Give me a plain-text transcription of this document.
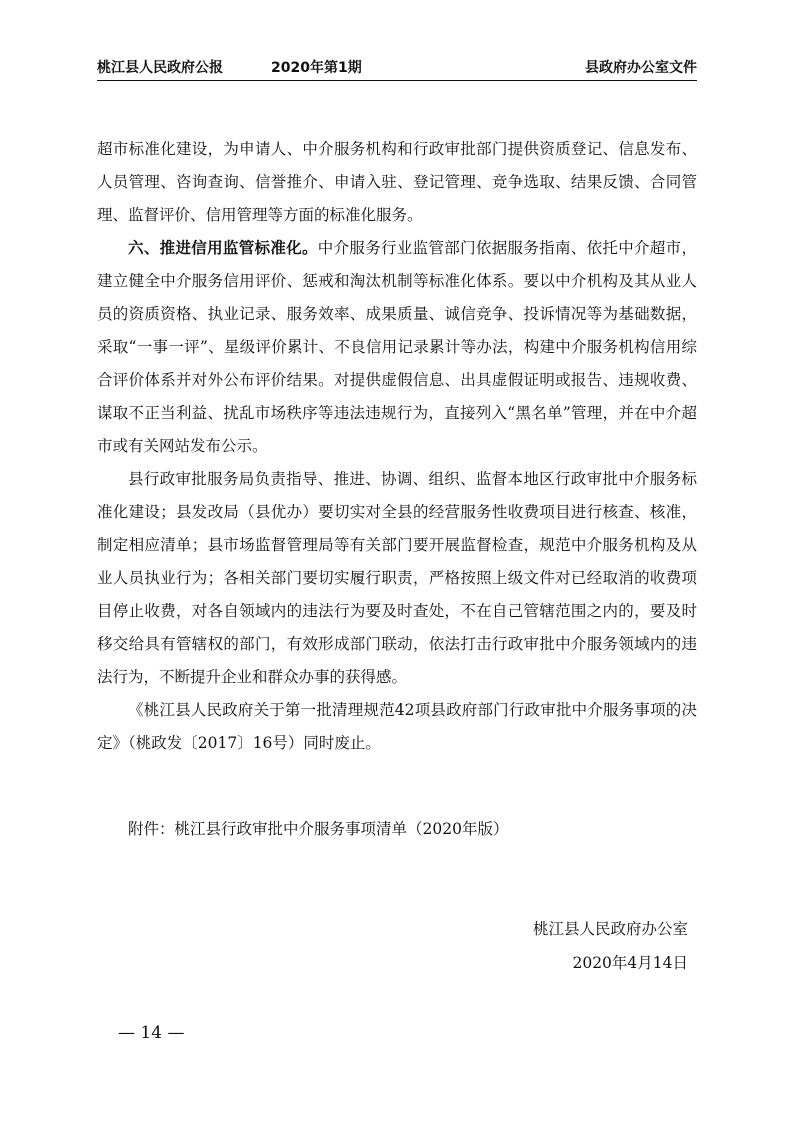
桃江县人民政府公报	2020年第1期	县政府办公室文件

超市标准化建设，为申请人、中介服务机构和行政审批部门提供资质登记、信息发布、人员管理、咨询查询、信誉推介、申请入驻、登记管理、竞争选取、结果反馈、合同管理、监督评价、信用管理等方面的标准化服务。

六、推进信用监管标准化。中介服务行业监管部门依据服务指南、依托中介超市，建立健全中介服务信用评价、惩戒和淘汰机制等标准化体系。要以中介机构及其从业人员的资质资格、执业记录、服务效率、成果质量、诚信竞争、投诉情况等为基础数据，采取“一事一评”、星级评价累计、不良信用记录累计等办法，构建中介服务机构信用综合评价体系并对外公布评价结果。对提供虚假信息、出具虚假证明或报告、违规收费、谋取不正当利益、扰乱市场秩序等违法违规行为，直接列入“黑名单”管理，并在中介超市或有关网站发布公示。

县行政审批服务局负责指导、推进、协调、组织、监督本地区行政审批中介服务标准化建设；县发改局（县优办）要切实对全县的经营服务性收费项目进行核查、核准，制定相应清单；县市场监督管理局等有关部门要开展监督检查，规范中介服务机构及从业人员执业行为；各相关部门要切实履行职责，严格按照上级文件对已经取消的收费项目停止收费，对各自领域内的违法行为要及时查处，不在自己管辖范围之内的，要及时移交给具有管辖权的部门，有效形成部门联动，依法打击行政审批中介服务领域内的违法行为，不断提升企业和群众办事的获得感。

《桃江县人民政府关于第一批清理规范42项县政府部门行政审批中介服务事项的决定》（桃政发〔2017〕16号）同时废止。

附件：桃江县行政审批中介服务事项清单（2020年版）
桃江县人民政府办公室
2020年4月14日
— 14 —
